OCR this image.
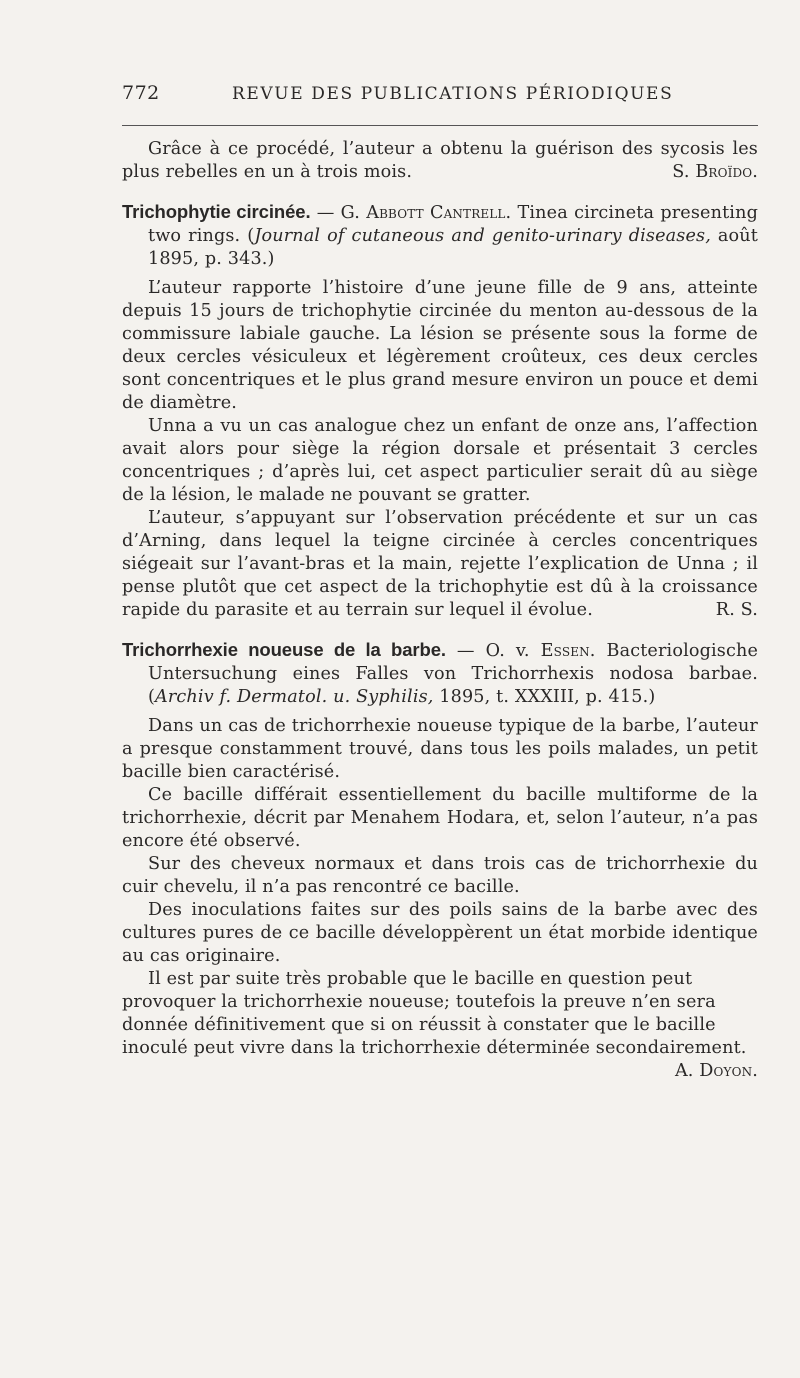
772	REVUE DES PUBLICATIONS PÉRIODIQUES

Grâce à ce procédé, l’auteur a obtenu la guérison des sycosis les plus rebelles en un à trois mois.	S. Broïdo.

Trichophytie circinée. — G. Abbott Cantrell. Tinea circineta presenting two rings. (Journal of cutaneous and genito-urinary diseases, août 1895, p. 343.)

L’auteur rapporte l’histoire d’une jeune fille de 9 ans, atteinte depuis 15 jours de trichophytie circinée du menton au-dessous de la commissure labiale gauche. La lésion se présente sous la forme de deux cercles vésiculeux et légèrement croûteux, ces deux cercles sont concentriques et le plus grand mesure environ un pouce et demi de diamètre.

Unna a vu un cas analogue chez un enfant de onze ans, l’affection avait alors pour siège la région dorsale et présentait 3 cercles concentriques ; d’après lui, cet aspect particulier serait dû au siège de la lésion, le malade ne pouvant se gratter.

L’auteur, s’appuyant sur l’observation précédente et sur un cas d’Arning, dans lequel la teigne circinée à cercles concentriques siégeait sur l’avant-bras et la main, rejette l’explication de Unna ; il pense plutôt que cet aspect de la trichophytie est dû à la croissance rapide du parasite et au terrain sur lequel il évolue.	R. S.

Trichorrhexie noueuse de la barbe. — O. v. Essen. Bacteriologische Untersuchung eines Falles von Trichorrhexis nodosa barbae. (Archiv f. Dermatol. u. Syphilis, 1895, t. XXXIII, p. 415.)

Dans un cas de trichorrhexie noueuse typique de la barbe, l’auteur a presque constamment trouvé, dans tous les poils malades, un petit bacille bien caractérisé.

Ce bacille différait essentiellement du bacille multiforme de la trichorrhexie, décrit par Menahem Hodara, et, selon l’auteur, n’a pas encore été observé.

Sur des cheveux normaux et dans trois cas de trichorrhexie du cuir chevelu, il n’a pas rencontré ce bacille.

Des inoculations faites sur des poils sains de la barbe avec des cultures pures de ce bacille développèrent un état morbide identique au cas originaire.

Il est par suite très probable que le bacille en question peut provoquer la trichorrhexie noueuse; toutefois la preuve n’en sera donnée définitivement que si on réussit à constater que le bacille inoculé peut vivre dans la trichorrhexie déterminée secondairement.
A. Doyon.
